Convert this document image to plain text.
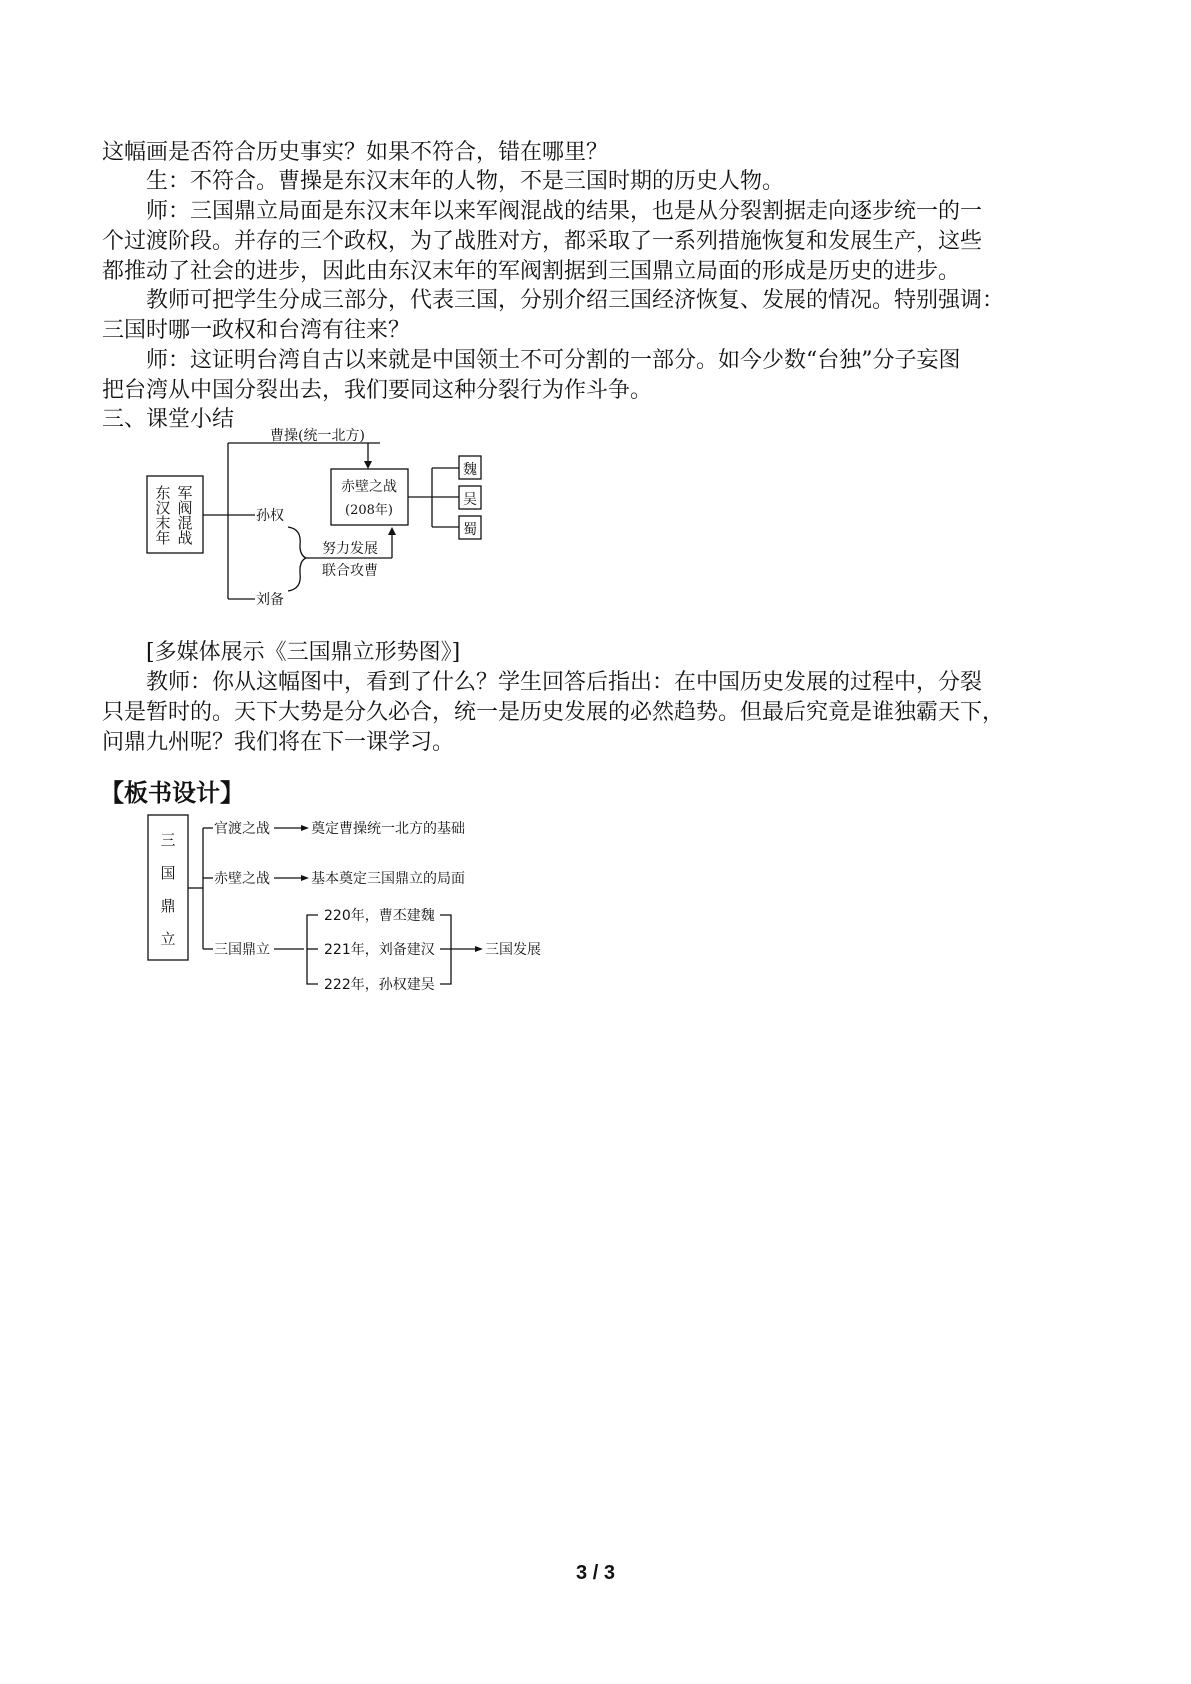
这幅画是否符合历史事实？如果不符合，错在哪里？
生：不符合。曹操是东汉末年的人物，不是三国时期的历史人物。
师：三国鼎立局面是东汉末年以来军阀混战的结果，也是从分裂割据走向逐步统一的一
个过渡阶段。并存的三个政权，为了战胜对方，都采取了一系列措施恢复和发展生产，这些
都推动了社会的进步，因此由东汉末年的军阀割据到三国鼎立局面的形成是历史的进步。
教师可把学生分成三部分，代表三国，分别介绍三国经济恢复、发展的情况。特别强调：
三国时哪一政权和台湾有往来？
师：这证明台湾自古以来就是中国领土不可分割的一部分。如今少数“台独”分子妄图
把台湾从中国分裂出去，我们要同这种分裂行为作斗争。
三、课堂小结
东
汉
末
年
军
阀
混
战
曹操(统一北方)
孙权
刘备
赤壁之战
(208年)
努力发展
联合攻曹
魏
吴
蜀
[多媒体展示《三国鼎立形势图》]
教师：你从这幅图中，看到了什么？学生回答后指出：在中国历史发展的过程中，分裂
只是暂时的。天下大势是分久必合，统一是历史发展的必然趋势。但最后究竟是谁独霸天下，
问鼎九州呢？我们将在下一课学习。
【板书设计】
三
国
鼎
立
官渡之战	奠定曹操统一北方的基础
赤壁之战	基本奠定三国鼎立的局面
三国鼎立
220年，曹丕建魏
221年，刘备建汉
222年，孙权建吴
三国发展
3 / 3
